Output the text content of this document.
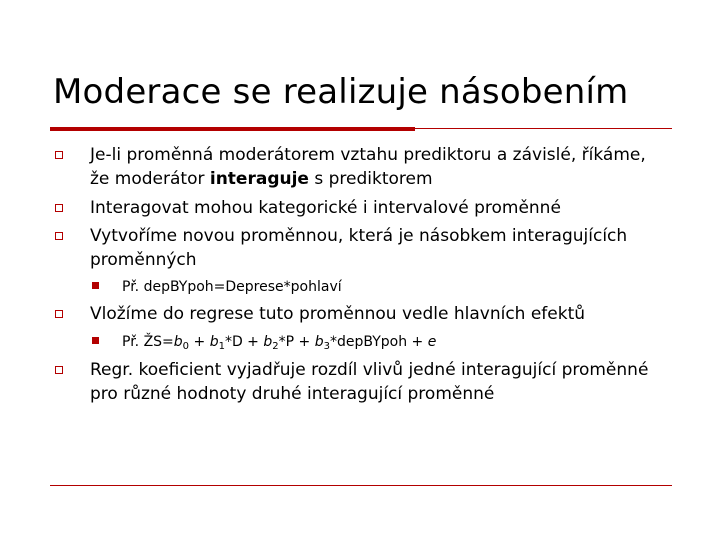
Moderace se realizuje násobením
Je-li proměnná moderátorem vztahu prediktoru a závislé, říkáme,
že moderátor interaguje s prediktorem
Interagovat mohou kategorické i intervalové proměnné
Vytvoříme novou proměnnou, která je násobkem interagujících
proměnných
Př. depBYpoh=Deprese*pohlaví
Vložíme do regrese tuto proměnnou vedle hlavních efektů
Př. $ŽS=b_0 + b_1*D + b_2*P$ + $b_3*depBYpoh + e$
Regr. koeficient vyjadřuje rozdíl vlivů jedné interagující proměnné
pro různé hodnoty druhé interagující proměnné
